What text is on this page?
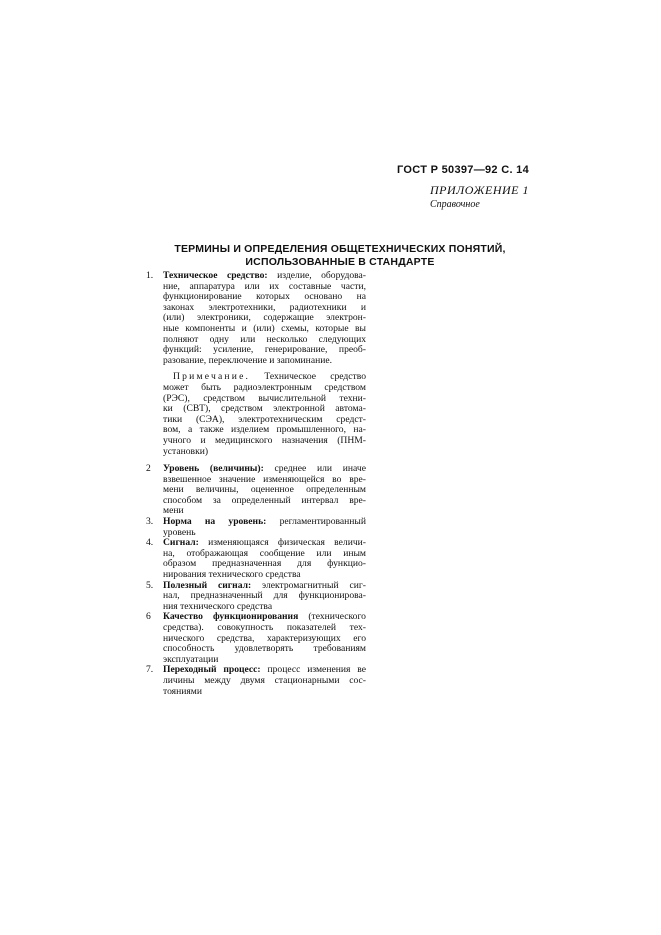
ГОСТ Р 50397—92 С. 14
ПРИЛОЖЕНИЕ 1
Справочное
ТЕРМИНЫ И ОПРЕДЕЛЕНИЯ ОБЩЕТЕХНИЧЕСКИХ ПОНЯТИЙ,
ИСПОЛЬЗОВАННЫЕ В СТАНДАРТЕ
1. Техническое средство: изделие, оборудова-
ние, аппаратура или их составные части,
функционирование которых основано на
законах электротехники, радиотехники и
(или) электроники, содержащие электрон-
ные компоненты и (или) схемы, которые вы
полняют одну или несколько следующих
функций: усиление, генерирование, преоб-
разование, переключение и запоминание.
Примечание. Техническое средство
может быть радиоэлектронным средством
(РЭС), средством вычислительной техни-
ки (СВТ), средством электронной автома-
тики (СЭА), электротехническим средст-
вом, а также изделием промышленного, на-
учного и медицинского назначения (ПНМ-
установки)
2 Уровень (величины): среднее или иначе
взвешенное значение изменяющейся во вре-
мени величины, оцененное определенным
способом за определенный интервал вре-
мени
3. Норма на уровень: регламентированный
уровень
4. Сигнал: изменяющаяся физическая величи-
на, отображающая сообщение или иным
образом предназначенная для функцио-
нирования технического средства
5. Полезный сигнал: электромагнитный сиг-
нал, предназначенный для функционирова-
ния технического средства
6 Качество функционирования (технического
средства). совокупность показателей тех-
нического средства, характеризующих его
способность удовлетворять требованиям
эксплуатации
7. Переходный процесс: процесс изменения ве
личины между двумя стационарными сос-
тояниями
